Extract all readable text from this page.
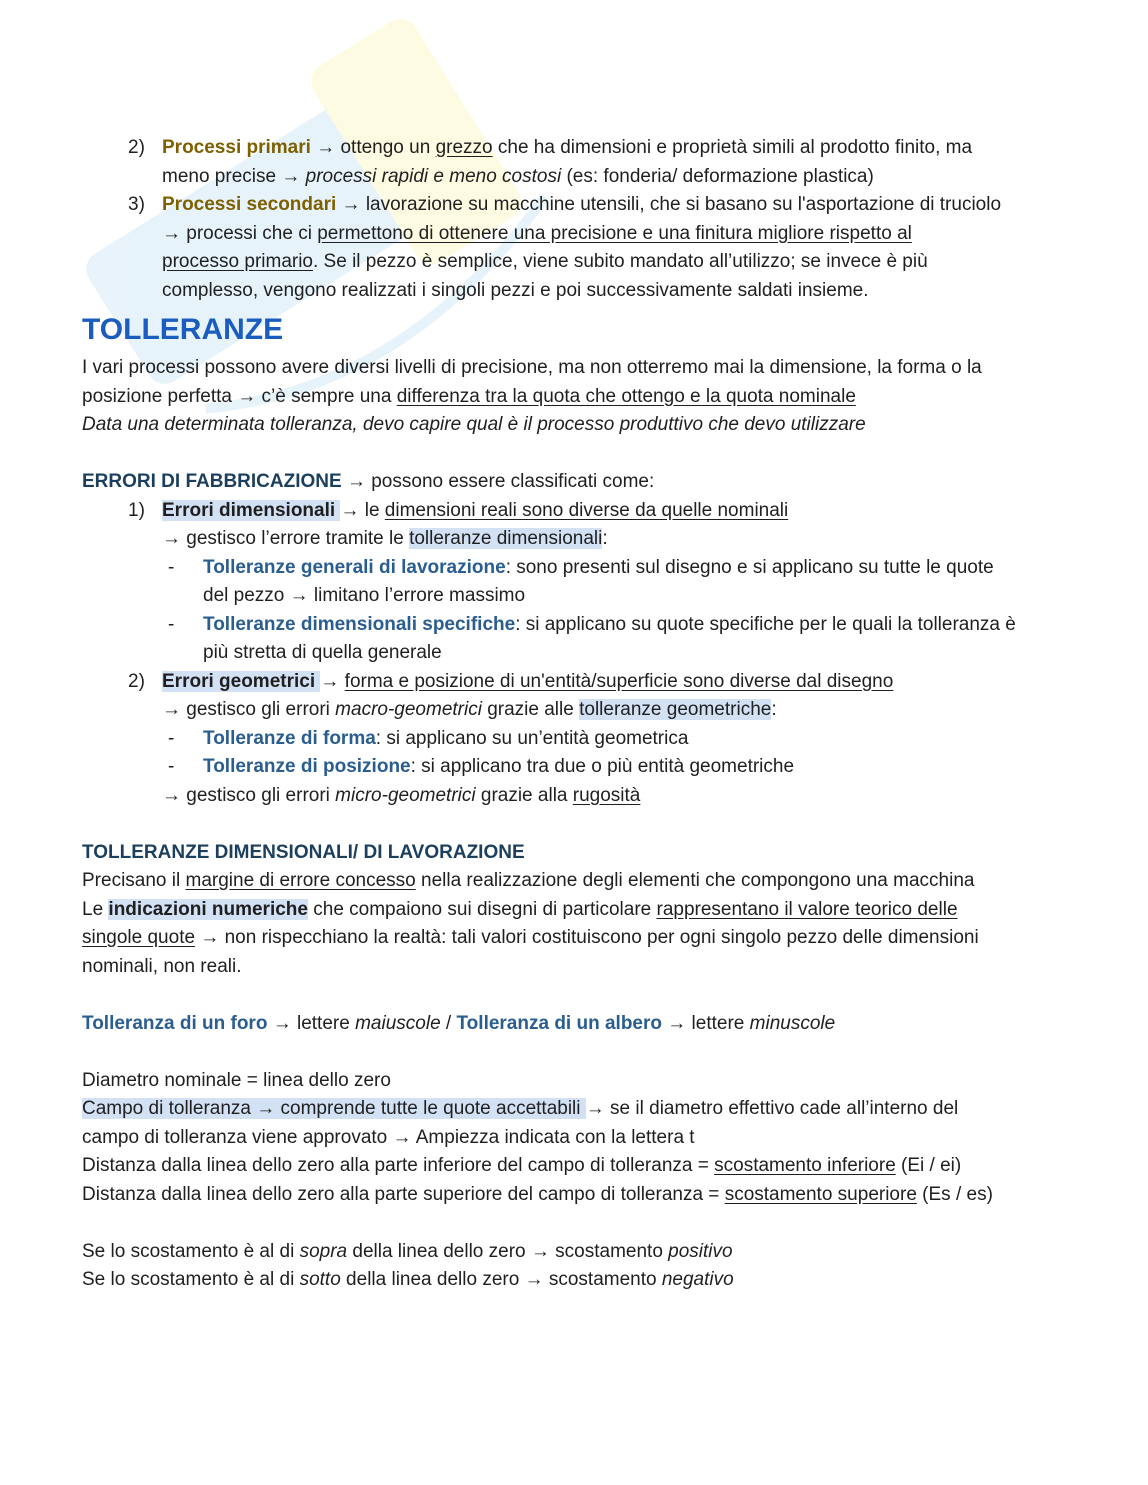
2) Processi primari → ottengo un grezzo che ha dimensioni e proprietà simili al prodotto finito, ma
meno precise → processi rapidi e meno costosi (es: fonderia/ deformazione plastica)
3) Processi secondari → lavorazione su macchine utensili, che si basano su l'asportazione di truciolo
→ processi che ci permettono di ottenere una precisione e una finitura migliore rispetto al
processo primario. Se il pezzo è semplice, viene subito mandato all’utilizzo; se invece è più
complesso, vengono realizzati i singoli pezzi e poi successivamente saldati insieme.
TOLLERANZE
I vari processi possono avere diversi livelli di precisione, ma non otterremo mai la dimensione, la forma o la
posizione perfetta → c’è sempre una differenza tra la quota che ottengo e la quota nominale
Data una determinata tolleranza, devo capire qual è il processo produttivo che devo utilizzare
ERRORI DI FABBRICAZIONE → possono essere classificati come:
1) Errori dimensionali → le dimensioni reali sono diverse da quelle nominali
→ gestisco l’errore tramite le tolleranze dimensionali:
- Tolleranze generali di lavorazione: sono presenti sul disegno e si applicano su tutte le quote
del pezzo → limitano l’errore massimo
- Tolleranze dimensionali specifiche: si applicano su quote specifiche per le quali la tolleranza è
più stretta di quella generale
2) Errori geometrici → forma e posizione di un'entità/superficie sono diverse dal disegno
→ gestisco gli errori macro-geometrici grazie alle tolleranze geometriche:
- Tolleranze di forma: si applicano su un’entità geometrica
- Tolleranze di posizione: si applicano tra due o più entità geometriche
→ gestisco gli errori micro-geometrici grazie alla rugosità
TOLLERANZE DIMENSIONALI/ DI LAVORAZIONE
Precisano il margine di errore concesso nella realizzazione degli elementi che compongono una macchina
Le indicazioni numeriche che compaiono sui disegni di particolare rappresentano il valore teorico delle
singole quote → non rispecchiano la realtà: tali valori costituiscono per ogni singolo pezzo delle dimensioni
nominali, non reali.
Tolleranza di un foro → lettere maiuscole / Tolleranza di un albero → lettere minuscole
Diametro nominale = linea dello zero
Campo di tolleranza → comprende tutte le quote accettabili → se il diametro effettivo cade all’interno del
campo di tolleranza viene approvato → Ampiezza indicata con la lettera t
Distanza dalla linea dello zero alla parte inferiore del campo di tolleranza = scostamento inferiore (Ei / ei)
Distanza dalla linea dello zero alla parte superiore del campo di tolleranza = scostamento superiore (Es / es)
Se lo scostamento è al di sopra della linea dello zero → scostamento positivo
Se lo scostamento è al di sotto della linea dello zero → scostamento negativo
